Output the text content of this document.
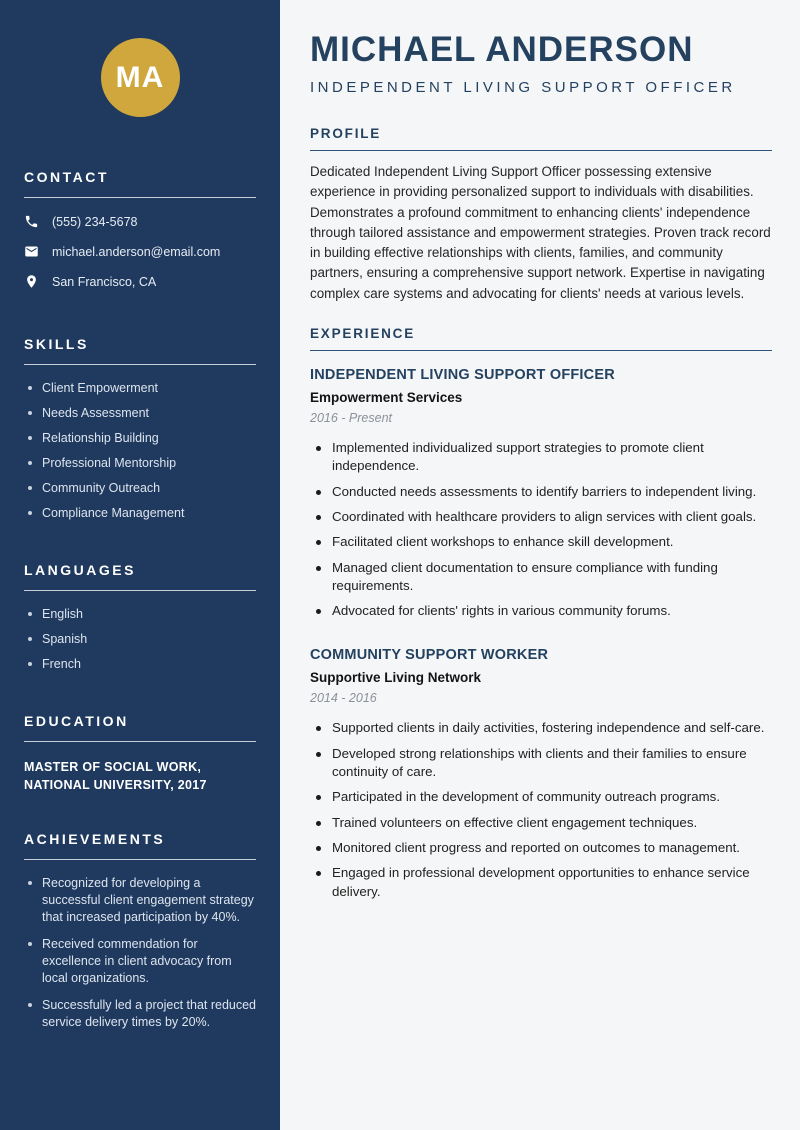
MA
CONTACT
(555) 234-5678
michael.anderson@email.com
San Francisco, CA
SKILLS
Client Empowerment
Needs Assessment
Relationship Building
Professional Mentorship
Community Outreach
Compliance Management
LANGUAGES
English
Spanish
French
EDUCATION
MASTER OF SOCIAL WORK, NATIONAL UNIVERSITY, 2017
ACHIEVEMENTS
Recognized for developing a successful client engagement strategy that increased participation by 40%.
Received commendation for excellence in client advocacy from local organizations.
Successfully led a project that reduced service delivery times by 20%.
MICHAEL ANDERSON
INDEPENDENT LIVING SUPPORT OFFICER
PROFILE
Dedicated Independent Living Support Officer possessing extensive experience in providing personalized support to individuals with disabilities. Demonstrates a profound commitment to enhancing clients' independence through tailored assistance and empowerment strategies. Proven track record in building effective relationships with clients, families, and community partners, ensuring a comprehensive support network. Expertise in navigating complex care systems and advocating for clients' needs at various levels.
EXPERIENCE
INDEPENDENT LIVING SUPPORT OFFICER
Empowerment Services
2016 - Present
Implemented individualized support strategies to promote client independence.
Conducted needs assessments to identify barriers to independent living.
Coordinated with healthcare providers to align services with client goals.
Facilitated client workshops to enhance skill development.
Managed client documentation to ensure compliance with funding requirements.
Advocated for clients' rights in various community forums.
COMMUNITY SUPPORT WORKER
Supportive Living Network
2014 - 2016
Supported clients in daily activities, fostering independence and self-care.
Developed strong relationships with clients and their families to ensure continuity of care.
Participated in the development of community outreach programs.
Trained volunteers on effective client engagement techniques.
Monitored client progress and reported on outcomes to management.
Engaged in professional development opportunities to enhance service delivery.
